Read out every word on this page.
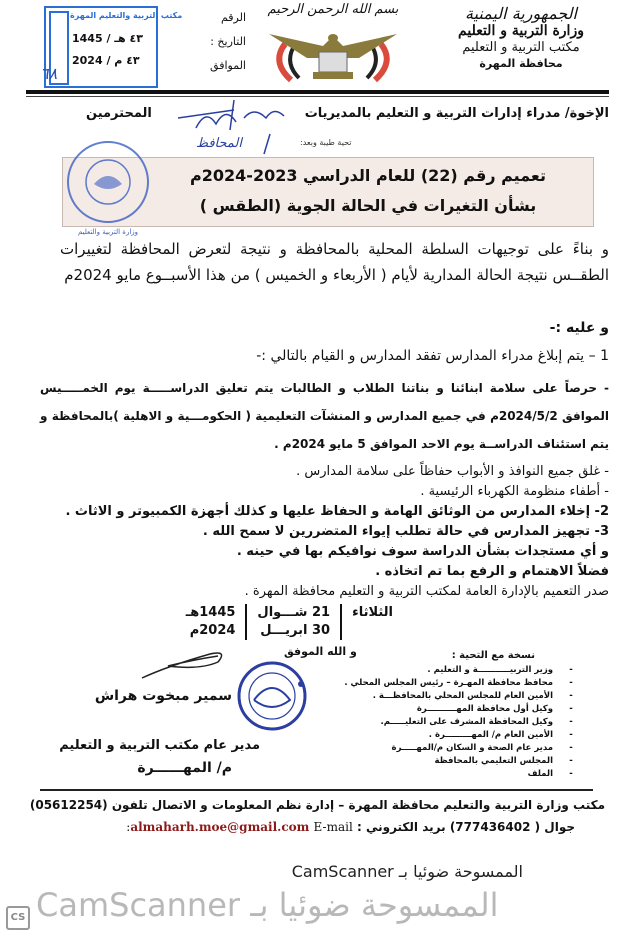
الجمهورية اليمنية
وزارة التربية و التعليم
مكتب التربية و التعليم
محافظة المهرة
بسم الله الرحمن الرحيم
مكتب التربية والتعليم المهرة	الرقم
التاريخ :
الموافق
1445 / ٤٣ هـ
2024 / ٤٣ م
٦٨
الإخوة/ مدراء إدارات التربية و التعليم بالمديريات
المحترمين
تحية طيبة وبعد:
المحافظ
تعميم رقم (22) للعام الدراسي 2023-2024م
بشأن التغيرات في الحالة الجوية (الطقس )
وزارة التربية والتعليم
و بناءً على توجيهات السلطة المحلية بالمحافظة و نتيجة لتعرض المحافظة لتغييرات الطقــس نتيجة الحالة المدارية لأيام ( الأربعاء و الخميس ) من هذا الأسبــوع مايو 2024م
و عليه :-
1 – يتم إبلاغ مدراء المدارس تفقد المدارس و القيام بالتالي :-
- حرصاً على سلامة ابنائنا و بناتنا الطلاب و الطالبات يتم تعليق الدراســـــة يوم الخمـــــيس الموافق 2024/5/2م في جميع المدارس و المنشآت التعليمية ( الحكومـــية و الاهلية )بالمحافظة و يتم استئناف الدراســة يوم الاحد الموافق 5 مايو 2024م .
- غلق جميع النوافذ و الأبواب حفاظاً على سلامة المدارس .
- أطفاء منظومة الكهرباء الرئيسية .
2- إخلاء المدارس من الوثائق الهامة و الحفاظ عليها و كذلك أجهزة الكمبيوتر و الاثاث .
3- تجهيز المدارس في حالة تطلب إيواء المتضررين لا سمح الله .
و أي مستجدات بشأن الدراسة سوف نوافيكم بها في حينه .
فضلاً الاهتمام و الرفع بما تم اتخاذه .
صدر التعميم بالإدارة العامة لمكتب التربية و التعليم محافظة المهرة .
الثلاثاء	21 شـــوال	1445هـ
	30 ابريـــل	2024م
و الله الموفق
سمير مبخوت هراش
مدير عام مكتب التربية و التعليم
م/ المهــــــرة
نسخة مع التحية :
-
وزير التربيـــــــــــة و التعليم .
-
محافظ محافظة المهـرة – رئيس المجلس المحلي .
-
الأمين العام للمجلس المحلي بالمحافظـــة .
-
وكيل أول محافظة المهــــــــــرة
-
وكيل المحافظة المشرف على التعليـــــم.
-
الأمين العام م/ المهـــــــــرة .
-
مدير عام الصحة و السكان م/المهـــــرة
-
المجلس التعليمي بالمحافظة
-
الملف
مكتب وزارة التربية والتعليم محافظة المهرة – إدارة نظم المعلومات و الاتصال تلفون (05612254)
جوال ( 777436402) بريد الكتروني : almaharh.moe@gmail.com E-mail:
الممسوحة ضوئيا بـ CamScanner
الممسوحة ضوئيا بـ CamScanner
CS
